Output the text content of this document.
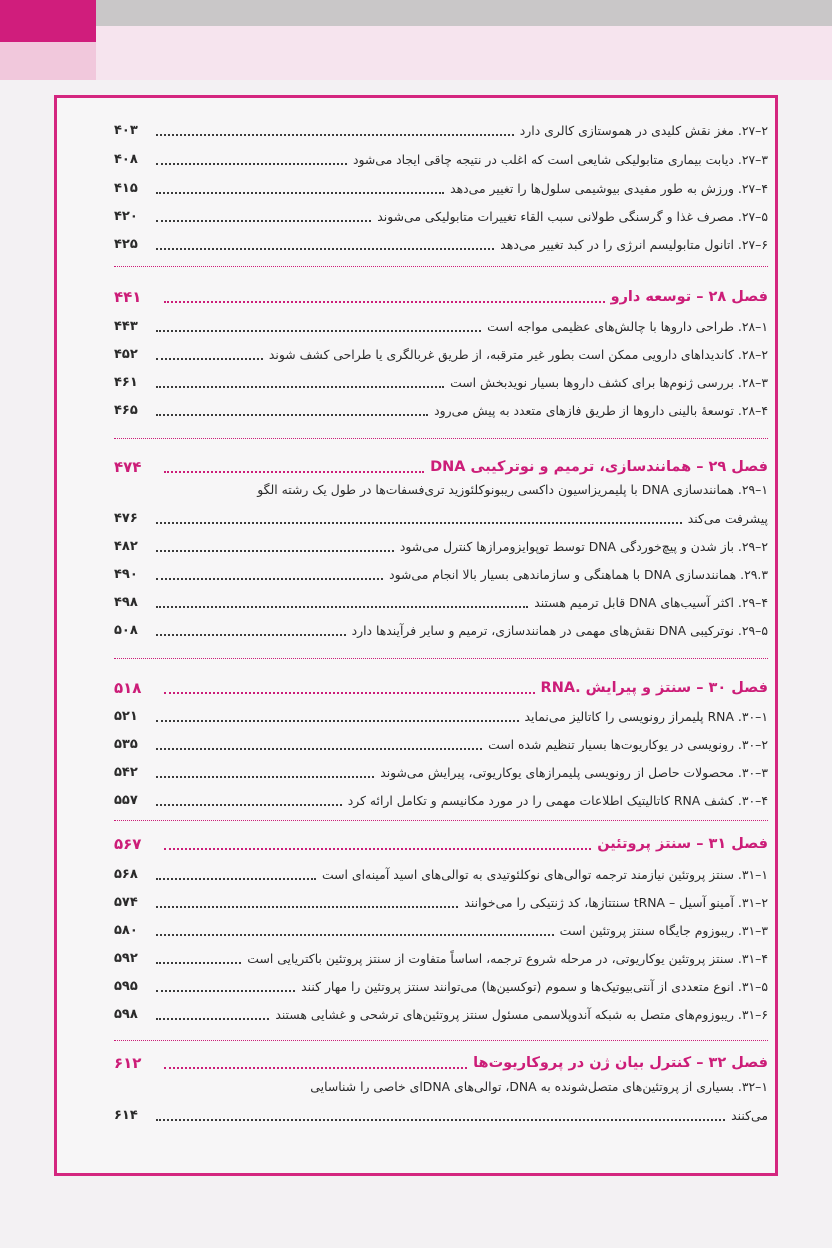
۲–۲۷. مغز نقش کلیدی در هموستازی کالری دارد
۴۰۳
۳–۲۷. دیابت بیماری متابولیکی شایعی است که اغلب در نتیجه چاقی ایجاد می‌شود
۴۰۸
۴–۲۷. ورزش به طور مفیدی بیوشیمی سلول‌ها را تغییر می‌دهد
۴۱۵
۵–۲۷. مصرف غذا و گرسنگی طولانی سبب القاء تغییرات متابولیکی می‌شوند
۴۲۰
۶–۲۷. اتانول متابولیسم انرژی را در کبد تغییر می‌دهد
۴۲۵
فصل ۲۸ – توسعه دارو
۴۴۱
۱–۲۸. طراحی داروها با چالش‌های عظیمی مواجه است
۴۴۳
۲–۲۸. کاندیداهای دارویی ممکن است بطور غیر مترقبه، از طریق غربالگری یا طراحی کشف شوند
۴۵۲
۳–۲۸. بررسی ژنوم‌ها برای کشف داروها بسیار نویدبخش است
۴۶۱
۴–۲۸. توسعهٔ بالینی داروها از طریق فازهای متعدد به پیش می‌رود
۴۶۵
فصل ۲۹ – همانندسازی، ترمیم و نوترکیبی DNA
۴۷۴
۱–۲۹. همانندسازی DNA با پلیمریزاسیون داکسی ریبونوکلئوزید تری‌فسفات‌ها در طول یک رشته الگو
پیشرفت می‌کند
۴۷۶
۲–۲۹. باز شدن و پیچ‌خوردگی DNA توسط توپوایزومرازها کنترل می‌شود
۴۸۲
۲۹.۳. همانندسازی DNA با هماهنگی و سازماندهی بسیار بالا انجام می‌شود
۴۹۰
۴–۲۹. اکثر آسیب‌های DNA قابل ترمیم هستند
۴۹۸
۵–۲۹. نوترکیبی DNA نقش‌های مهمی در همانندسازی، ترمیم و سایر فرآیندها دارد
۵۰۸
فصل ۳۰ – سنتز و پیرایش .RNA
۵۱۸
۱–۳۰. RNA پلیمراز رونویسی را کاتالیز می‌نماید
۵۲۱
۲–۳۰. رونویسی در یوکاریوت‌ها بسیار تنظیم شده است
۵۳۵
۳–۳۰. محصولات حاصل از رونویسی پلیمرازهای یوکاریوتی، پیرایش می‌شوند
۵۴۲
۴–۳۰. کشف RNA کاتالیتیک اطلاعات مهمی را در مورد مکانیسم و تکامل ارائه کرد
۵۵۷
فصل ۳۱ – سنتز پروتئین
۵۶۷
۱–۳۱. سنتز پروتئین نیازمند ترجمه توالی‌های نوکلئوتیدی به توالی‌های اسید آمینه‌ای است
۵۶۸
۲–۳۱. آمینو آسیل – tRNA سنتتازها، کد ژنتیکی را می‌خوانند
۵۷۴
۳–۳۱. ریبوزوم جایگاه سنتز پروتئین است
۵۸۰
۴–۳۱. سنتز پروتئین یوکاریوتی، در مرحله شروع ترجمه، اساساً متفاوت از سنتز پروتئین باکتریایی است
۵۹۲
۵–۳۱. انوع متعددی از آنتی‌بیوتیک‌ها و سموم (توکسین‌ها) می‌توانند سنتز پروتئین را مهار کنند
۵۹۵
۶–۳۱. ریبوزوم‌های متصل به شبکه آندوپلاسمی مسئول سنتز پروتئین‌های ترشحی و غشایی هستند
۵۹۸
فصل ۳۲ – کنترل بیان ژن در پروکاریوت‌ها
۶۱۲
۱–۳۲. بسیاری از پروتئین‌های متصل‌شونده به DNA، توالی‌های DNAای خاصی را شناسایی
می‌کنند
۶۱۴
